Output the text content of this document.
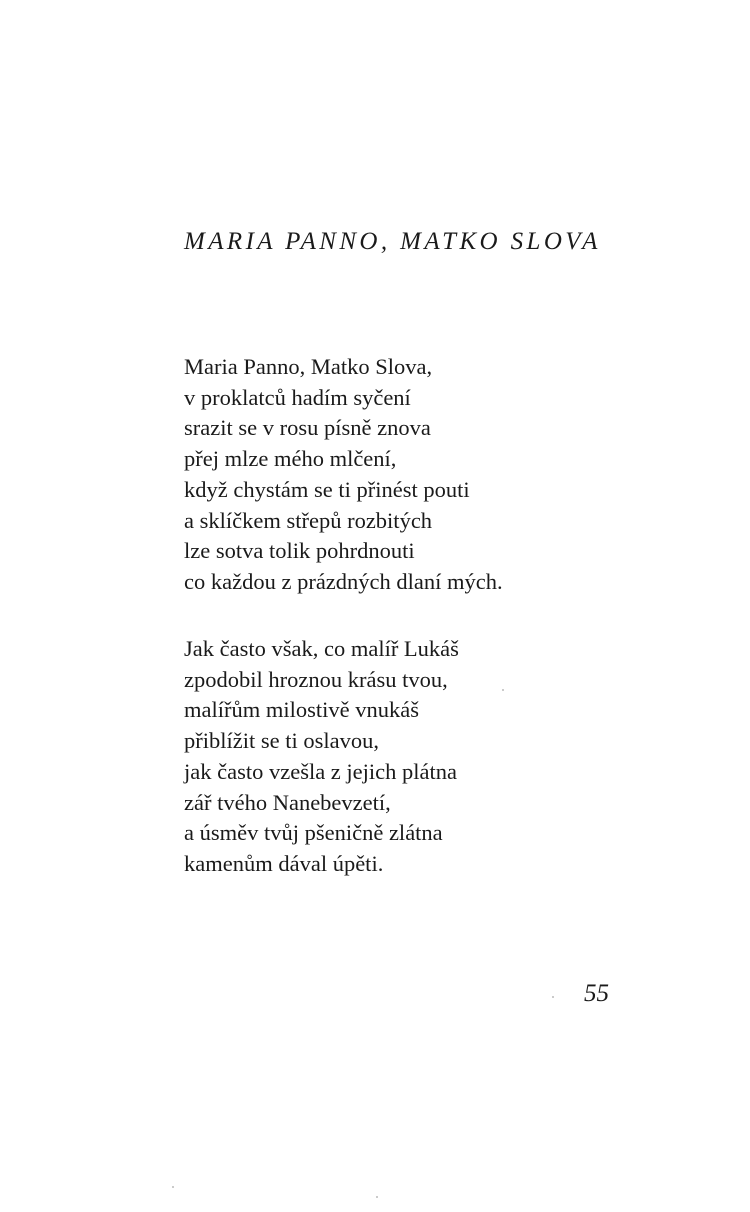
MARIA PANNO, MATKO SLOVA
Maria Panno, Matko Slova,
v proklatců hadím syčení
srazit se v rosu písně znova
přej mlze mého mlčení,
když chystám se ti přinést pouti
a sklíčkem střepů rozbitých
lze sotva tolik pohrdnouti
co každou z prázdných dlaní mých.
Jak často však, co malíř Lukáš
zpodobil hroznou krásu tvou,
malířům milostivě vnukáš
přiblížit se ti oslavou,
jak často vzešla z jejich plátna
zář tvého Nanebevzetí,
a úsměv tvůj pšeničně zlátna
kamenům dával úpěti.
55
